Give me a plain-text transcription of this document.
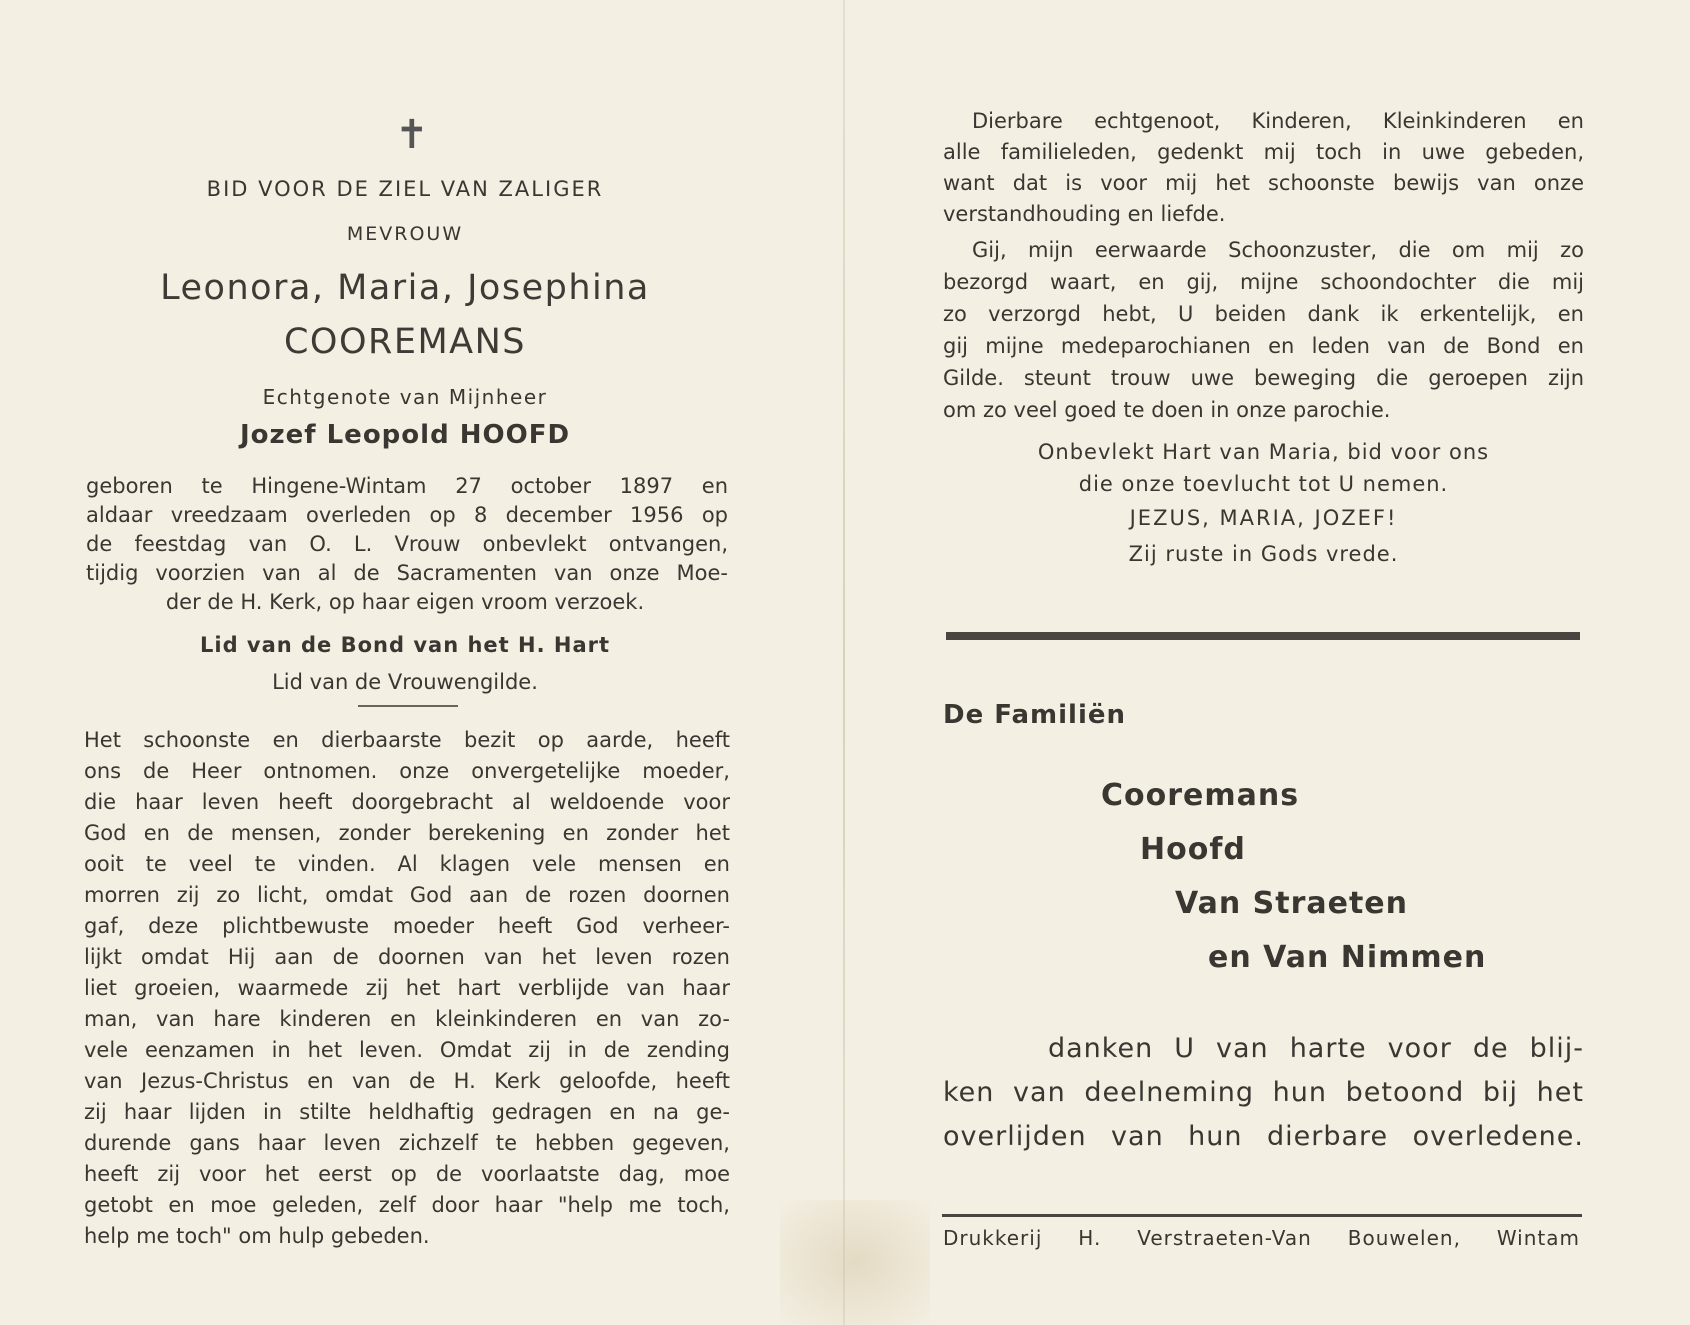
✝
BID VOOR DE ZIEL VAN ZALIGER
MEVROUW
Leonora, Maria, Josephina
COOREMANS
Echtgenote van Mijnheer
Jozef Leopold HOOFD
geboren te Hingene-Wintam 27 october 1897 en
aldaar vreedzaam overleden op 8 december 1956 op
de feestdag van O. L. Vrouw onbevlekt ontvangen,
tijdig voorzien van al de Sacramenten van onze Moe-
der de H. Kerk, op haar eigen vroom verzoek.
Lid van de Bond van het H. Hart
Lid van de Vrouwengilde.
Het schoonste en dierbaarste bezit op aarde, heeft
ons de Heer ontnomen. onze onvergetelijke moeder,
die haar leven heeft doorgebracht al weldoende voor
God en de mensen, zonder berekening en zonder het
ooit te veel te vinden. Al klagen vele mensen en
morren zij zo licht, omdat God aan de rozen doornen
gaf, deze plichtbewuste moeder heeft God verheer-
lijkt omdat Hij aan de doornen van het leven rozen
liet groeien, waarmede zij het hart verblijde van haar
man, van hare kinderen en kleinkinderen en van zo-
vele eenzamen in het leven. Omdat zij in de zending
van Jezus-Christus en van de H. Kerk geloofde, heeft
zij haar lijden in stilte heldhaftig gedragen en na ge-
durende gans haar leven zichzelf te hebben gegeven,
heeft zij voor het eerst op de voorlaatste dag, moe
getobt en moe geleden, zelf door haar "help me toch,
help me toch" om hulp gebeden.
Dierbare echtgenoot, Kinderen, Kleinkinderen en
alle familieleden, gedenkt mij toch in uwe gebeden,
want dat is voor mij het schoonste bewijs van onze
verstandhouding en liefde.
Gij, mijn eerwaarde Schoonzuster, die om mij zo
bezorgd waart, en gij, mijne schoondochter die mij
zo verzorgd hebt, U beiden dank ik erkentelijk, en
gij mijne medeparochianen en leden van de Bond en
Gilde. steunt trouw uwe beweging die geroepen zijn
om zo veel goed te doen in onze parochie.
Onbevlekt Hart van Maria, bid voor ons
die onze toevlucht tot U nemen.
JEZUS, MARIA, JOZEF!
Zij ruste in Gods vrede.
De Familiën
Cooremans
Hoofd
Van Straeten
en Van Nimmen
danken U van harte voor de blij-
ken van deelneming hun betoond bij het
overlijden van hun dierbare overledene.
Drukkerij H. Verstraeten-Van Bouwelen, Wintam
